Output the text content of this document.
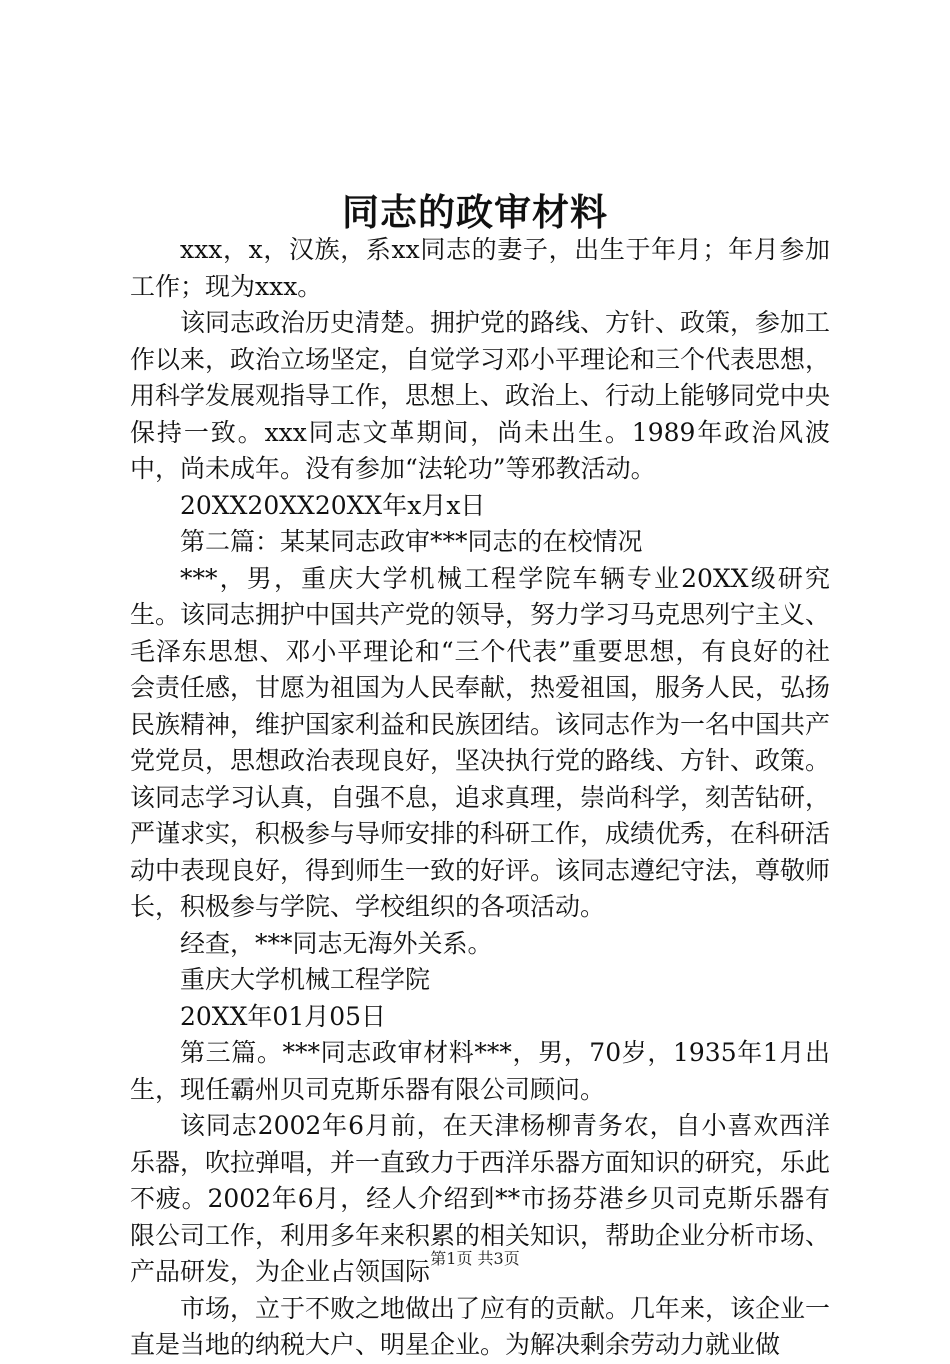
同志的政审材料

xxx，x，汉族，系xx同志的妻子，出生于年月；年月参加工作；现为xxx。

该同志政治历史清楚。拥护党的路线、方针、政策，参加工作以来，政治立场坚定，自觉学习邓小平理论和三个代表思想，用科学发展观指导工作，思想上、政治上、行动上能够同党中央保持一致。xxx同志文革期间，尚未出生。1989年政治风波中，尚未成年。没有参加“法轮功”等邪教活动。

20XX20XX20XX年x月x日

第二篇：某某同志政审***同志的在校情况

***，男，重庆大学机械工程学院车辆专业20XX级研究生。该同志拥护中国共产党的领导，努力学习马克思列宁主义、毛泽东思想、邓小平理论和“三个代表”重要思想，有良好的社会责任感，甘愿为祖国为人民奉献，热爱祖国，服务人民，弘扬民族精神，维护国家利益和民族团结。该同志作为一名中国共产党党员，思想政治表现良好，坚决执行党的路线、方针、政策。该同志学习认真，自强不息，追求真理，崇尚科学，刻苦钻研，严谨求实，积极参与导师安排的科研工作，成绩优秀，在科研活动中表现良好，得到师生一致的好评。该同志遵纪守法，尊敬师长，积极参与学院、学校组织的各项活动。

经查，***同志无海外关系。

重庆大学机械工程学院

20XX年01月05日

第三篇。***同志政审材料***，男，70岁，1935年1月出生，现任霸州贝司克斯乐器有限公司顾问。

该同志2002年6月前，在天津杨柳青务农，自小喜欢西洋乐器，吹拉弹唱，并一直致力于西洋乐器方面知识的研究，乐此不疲。2002年6月，经人介绍到**市扬芬港乡贝司克斯乐器有限公司工作，利用多年来积累的相关知识，帮助企业分析市场、产品研发，为企业占领国际

市场，立于不败之地做出了应有的贡献。几年来，该企业一直是当地的纳税大户、明星企业。为解决剩余劳动力就业做

第1页 共3页
